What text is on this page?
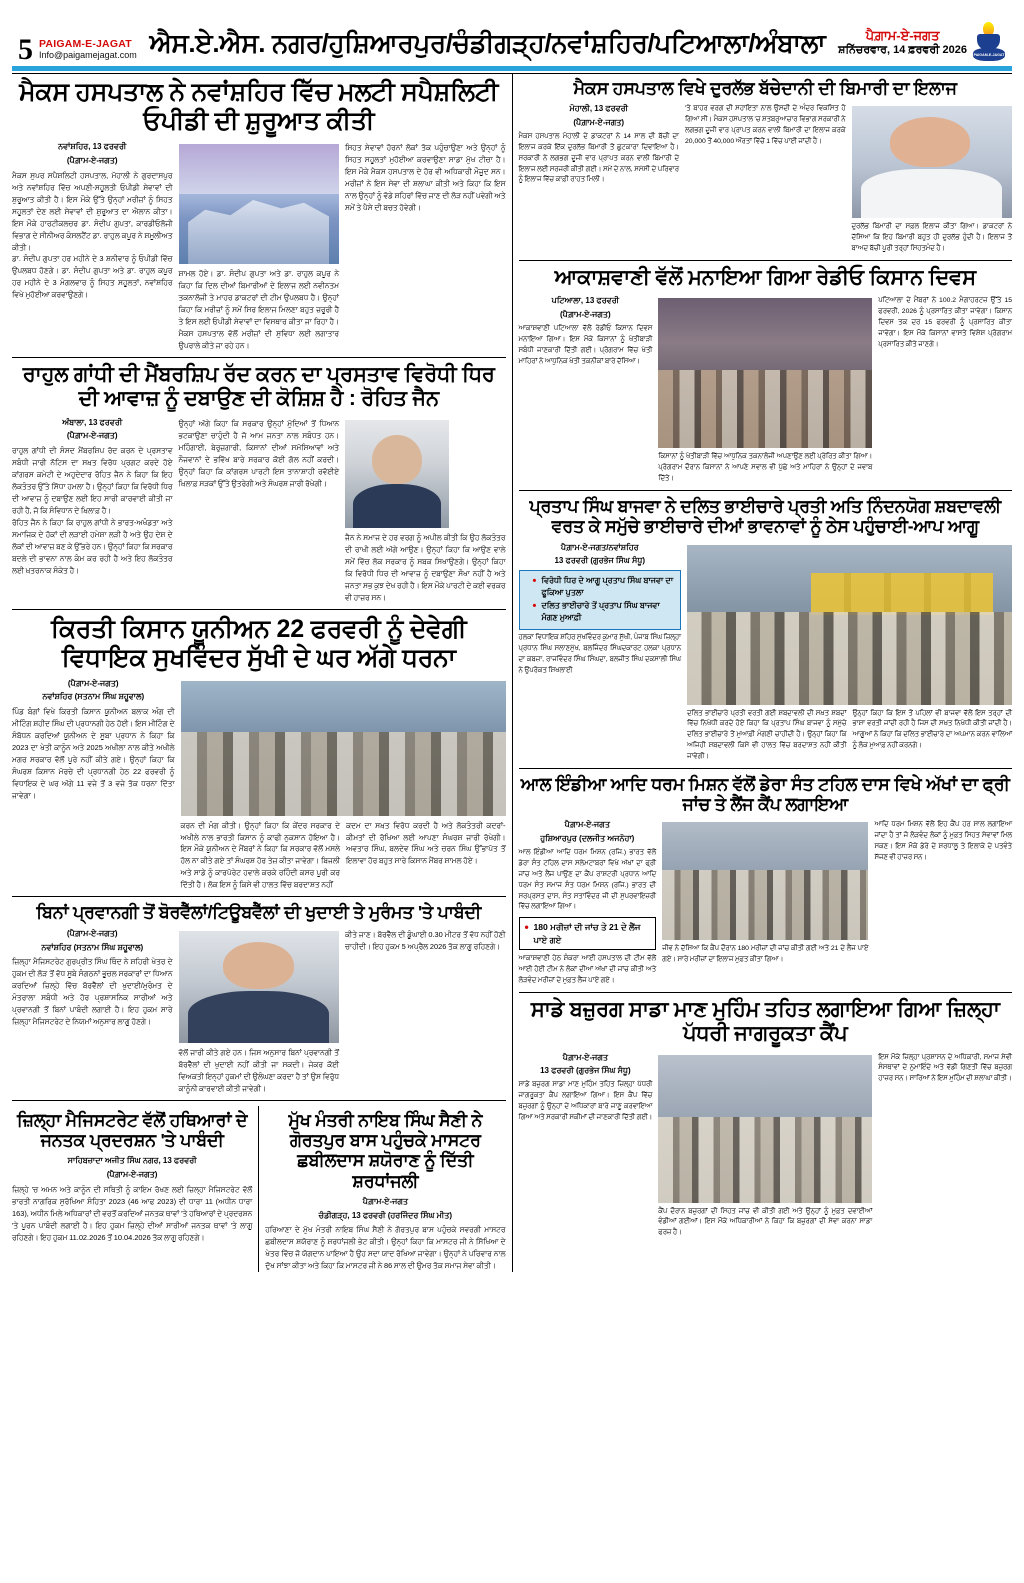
5 PAIGAM-E-JAGAT
Info@paigamejagat.com ਐਸ.ਏ.ਐਸ. ਨਗਰ/ਹੁਸ਼ਿਆਰਪੁਰ/ਚੰਡੀਗੜ੍ਹ/ਨਵਾਂਸ਼ਹਿਰ/ਪਟਿਆਲਾ/ਅੰਬਾਲਾ	ਪੈਗ਼ਾਮ-ਏ-ਜਗਤ
ਸ਼ਨਿੱਚਰਵਾਰ, 14 ਫ਼ਰਵਰੀ 2026 PAIGAM-E-JAGAT
ਮੈਕਸ ਹਸਪਤਾਲ ਨੇ ਨਵਾਂਸ਼ਹਿਰ ਵਿੱਚ ਮਲਟੀ ਸਪੈਸ਼ਲਿਟੀ ਓਪੀਡੀ ਦੀ ਸ਼ੁਰੂਆਤ ਕੀਤੀ
ਨਵਾਂਸ਼ਹਿਰ, 13 ਫਰਵਰੀ
(ਪੈਗ਼ਾਮ-ਏ-ਜਗਤ)
ਮੈਕਸ ਸੁਪਰ ਸਪੈਸ਼ਲਿਟੀ ਹਸਪਤਾਲ, ਮੋਹਾਲੀ ਨੇ ਗੁਰਦਾਸਪੁਰ ਅਤੇ ਨਵਾਂਸ਼ਹਿਰ ਵਿੱਚ ਅਪਣੀ-ਸਹੂਲਤੀ ਓਪੀਡੀ ਸੇਵਾਵਾਂ ਦੀ ਸ਼ੁਰੂਆਤ ਕੀਤੀ ਹੈ। ਇਸ ਮੌਕੇ ਉੱਤੇ ਉਨ੍ਹਾਂ ਮਰੀਜ਼ਾਂ ਨੂੰ ਸਿਹਤ ਸਹੂਲਤਾਂ ਦੇਣ ਲਈ ਸੇਵਾਵਾਂ ਦੀ ਸ਼ੁਰੂਆਤ ਦਾ ਐਲਾਨ ਕੀਤਾ। ਇਸ ਮੌਕੇ ਹਾਰਟੀਕਲਚਰ ਡਾ. ਸੰਦੀਪ ਗੁਪਤਾ, ਕਾਰਡੀਓਲੋਜੀ ਵਿਭਾਗ ਦੇ ਸੀਨੀਅਰ ਕੰਸਲਟੈਂਟ ਡਾ. ਰਾਹੁਲ ਕਪੂਰ ਨੇ ਸ਼ਮੂਲੀਅਤ ਕੀਤੀ।
ਡਾ. ਸੰਦੀਪ ਗੁਪਤਾ ਹਰ ਮਹੀਨੇ ਦੇ 3 ਸ਼ਨੀਵਾਰ ਨੂੰ ਓਪੀਡੀ ਵਿੱਚ ਉਪਲਬਧ ਹੋਣਗੇ। ਡਾ. ਸੰਦੀਪ ਗੁਪਤਾ ਅਤੇ ਡਾ. ਰਾਹੁਲ ਕਪੂਰ ਹਰ ਮਹੀਨੇ ਦੇ 3 ਮੰਗਲਵਾਰ ਨੂੰ ਸਿਹਤ ਸਹੂਲਤਾਂ, ਨਵਾਂਸ਼ਹਿਰ ਵਿਖੇ ਮੁਹੱਈਆ ਕਰਵਾਉਣਗੇ।
ਸ਼ਾਮਲ ਹੋਏ। ਡਾ. ਸੰਦੀਪ ਗੁਪਤਾ ਅਤੇ ਡਾ. ਰਾਹੁਲ ਕਪੂਰ ਨੇ ਕਿਹਾ ਕਿ ਦਿਲ ਦੀਆਂ ਬਿਮਾਰੀਆਂ ਦੇ ਇਲਾਜ ਲਈ ਨਵੀਨਤਮ ਤਕਨਾਲੋਜੀ ਤੇ ਮਾਹਰ ਡਾਕਟਰਾਂ ਦੀ ਟੀਮ ਉਪਲਬਧ ਹੈ। ਉਨ੍ਹਾਂ ਕਿਹਾ ਕਿ ਮਰੀਜ਼ਾਂ ਨੂੰ ਸਮੇਂ ਸਿਰ ਇਲਾਜ ਮਿਲਣਾ ਬਹੁਤ ਜ਼ਰੂਰੀ ਹੈ ਤੇ ਇਸ ਲਈ ਓਪੀਡੀ ਸੇਵਾਵਾਂ ਦਾ ਵਿਸਥਾਰ ਕੀਤਾ ਜਾ ਰਿਹਾ ਹੈ। ਮੈਕਸ ਹਸਪਤਾਲ ਵੱਲੋਂ ਮਰੀਜ਼ਾਂ ਦੀ ਸੁਵਿਧਾ ਲਈ ਲਗਾਤਾਰ ਉਪਰਾਲੇ ਕੀਤੇ ਜਾ ਰਹੇ ਹਨ।
ਸਿਹਤ ਸੇਵਾਵਾਂ ਹੋਰਨਾਂ ਲੋਕਾਂ ਤੱਕ ਪਹੁੰਚਾਉਣਾ ਅਤੇ ਉਨ੍ਹਾਂ ਨੂੰ ਸਿਹਤ ਸਹੂਲਤਾਂ ਮੁਹੱਈਆ ਕਰਵਾਉਣਾ ਸਾਡਾ ਮੁੱਖ ਟੀਚਾ ਹੈ। ਇਸ ਮੌਕੇ ਮੈਕਸ ਹਸਪਤਾਲ ਦੇ ਹੋਰ ਵੀ ਅਧਿਕਾਰੀ ਮੌਜੂਦ ਸਨ। ਮਰੀਜ਼ਾਂ ਨੇ ਇਸ ਸੇਵਾ ਦੀ ਸ਼ਲਾਘਾ ਕੀਤੀ ਅਤੇ ਕਿਹਾ ਕਿ ਇਸ ਨਾਲ ਉਨ੍ਹਾਂ ਨੂੰ ਵੱਡੇ ਸ਼ਹਿਰਾਂ ਵਿੱਚ ਜਾਣ ਦੀ ਲੋੜ ਨਹੀਂ ਪਵੇਗੀ ਅਤੇ ਸਮੇਂ ਤੇ ਪੈਸੇ ਦੀ ਬਚਤ ਹੋਵੇਗੀ।
ਰਾਹੁਲ ਗਾਂਧੀ ਦੀ ਮੈਂਬਰਸ਼ਿਪ ਰੱਦ ਕਰਨ ਦਾ ਪ੍ਰਸਤਾਵ ਵਿਰੋਧੀ ਧਿਰ ਦੀ ਆਵਾਜ਼ ਨੂੰ ਦਬਾਉਣ ਦੀ ਕੋਸ਼ਿਸ਼ ਹੈ : ਰੋਹਿਤ ਜੈਨ
ਅੰਬਾਲਾ, 13 ਫਰਵਰੀ
(ਪੈਗ਼ਾਮ-ਏ-ਜਗਤ)
ਰਾਹੁਲ ਗਾਂਧੀ ਦੀ ਸੰਸਦ ਮੈਂਬਰਸ਼ਿਪ ਰੱਦ ਕਰਨ ਦੇ ਪ੍ਰਸਤਾਵ ਸਬੰਧੀ ਜਾਰੀ ਨੋਟਿਸ ਦਾ ਸਖ਼ਤ ਵਿਰੋਧ ਪ੍ਰਗਟ ਕਰਦੇ ਹੋਏ ਕਾਂਗਰਸ ਕਮੇਟੀ ਦੇ ਅਹੁਦੇਦਾਰ ਰੋਹਿਤ ਜੈਨ ਨੇ ਕਿਹਾ ਕਿ ਇਹ ਲੋਕਤੰਤਰ ਉੱਤੇ ਸਿੱਧਾ ਹਮਲਾ ਹੈ। ਉਨ੍ਹਾਂ ਕਿਹਾ ਕਿ ਵਿਰੋਧੀ ਧਿਰ ਦੀ ਆਵਾਜ਼ ਨੂੰ ਦਬਾਉਣ ਲਈ ਇਹ ਸਾਰੀ ਕਾਰਵਾਈ ਕੀਤੀ ਜਾ ਰਹੀ ਹੈ, ਜੋ ਕਿ ਸੰਵਿਧਾਨ ਦੇ ਖ਼ਿਲਾਫ਼ ਹੈ।
ਰੋਹਿਤ ਜੈਨ ਨੇ ਕਿਹਾ ਕਿ ਰਾਹੁਲ ਗਾਂਧੀ ਨੇ ਭਾਰਤ-ਅਖੰਡਤਾ ਅਤੇ ਸਮਾਜਿਕ ਦੇ ਹੱਕਾਂ ਦੀ ਲੜਾਈ ਹਮੇਸ਼ਾ ਲੜੀ ਹੈ ਅਤੇ ਉਹ ਦੇਸ਼ ਦੇ ਲੋਕਾਂ ਦੀ ਆਵਾਜ਼ ਬਣ ਕੇ ਉੱਭਰੇ ਹਨ। ਉਨ੍ਹਾਂ ਕਿਹਾ ਕਿ ਸਰਕਾਰ ਬਦਲੇ ਦੀ ਭਾਵਨਾ ਨਾਲ ਕੰਮ ਕਰ ਰਹੀ ਹੈ ਅਤੇ ਇਹ ਲੋਕਤੰਤਰ ਲਈ ਖ਼ਤਰਨਾਕ ਸੰਕੇਤ ਹੈ।
ਉਨ੍ਹਾਂ ਅੱਗੇ ਕਿਹਾ ਕਿ ਸਰਕਾਰ ਉਨ੍ਹਾਂ ਮੁੱਦਿਆਂ ਤੋਂ ਧਿਆਨ ਭਟਕਾਉਣਾ ਚਾਹੁੰਦੀ ਹੈ ਜੋ ਆਮ ਜਨਤਾ ਨਾਲ ਸਬੰਧਤ ਹਨ। ਮਹਿੰਗਾਈ, ਬੇਰੁਜ਼ਗਾਰੀ, ਕਿਸਾਨਾਂ ਦੀਆਂ ਸਮੱਸਿਆਵਾਂ ਅਤੇ ਨੌਜਵਾਨਾਂ ਦੇ ਭਵਿੱਖ ਬਾਰੇ ਸਰਕਾਰ ਕੋਈ ਗੱਲ ਨਹੀਂ ਕਰਦੀ। ਉਨ੍ਹਾਂ ਕਿਹਾ ਕਿ ਕਾਂਗਰਸ ਪਾਰਟੀ ਇਸ ਤਾਨਾਸ਼ਾਹੀ ਰਵੱਈਏ ਖ਼ਿਲਾਫ਼ ਸੜਕਾਂ ਉੱਤੇ ਉਤਰੇਗੀ ਅਤੇ ਸੰਘਰਸ਼ ਜਾਰੀ ਰੱਖੇਗੀ।
ਜੈਨ ਨੇ ਸਮਾਜ ਦੇ ਹਰ ਵਰਗ ਨੂੰ ਅਪੀਲ ਕੀਤੀ ਕਿ ਉਹ ਲੋਕਤੰਤਰ ਦੀ ਰਾਖੀ ਲਈ ਅੱਗੇ ਆਉਣ। ਉਨ੍ਹਾਂ ਕਿਹਾ ਕਿ ਆਉਣ ਵਾਲੇ ਸਮੇਂ ਵਿੱਚ ਲੋਕ ਸਰਕਾਰ ਨੂੰ ਸਬਕ ਸਿਖਾਉਣਗੇ। ਉਨ੍ਹਾਂ ਕਿਹਾ ਕਿ ਵਿਰੋਧੀ ਧਿਰ ਦੀ ਆਵਾਜ਼ ਨੂੰ ਦਬਾਉਣਾ ਸੌਖਾ ਨਹੀਂ ਹੈ ਅਤੇ ਜਨਤਾ ਸਭ ਕੁਝ ਦੇਖ ਰਹੀ ਹੈ। ਇਸ ਮੌਕੇ ਪਾਰਟੀ ਦੇ ਕਈ ਵਰਕਰ ਵੀ ਹਾਜ਼ਰ ਸਨ।
ਕਿਰਤੀ ਕਿਸਾਨ ਯੂਨੀਅਨ 22 ਫਰਵਰੀ ਨੂੰ ਦੇਵੇਗੀ ਵਿਧਾਇਕ ਸੁਖਵਿੰਦਰ ਸੁੱਖੀ ਦੇ ਘਰ ਅੱਗੇ ਧਰਨਾ
(ਪੈਗ਼ਾਮ-ਏ-ਜਗਤ)
ਨਵਾਂਸ਼ਹਿਰ (ਸਤਨਾਮ ਸਿੰਘ ਸ਼ਹੂਵਾਲ)
ਪਿੰਡ ਬੰਗਾਂ ਵਿਖੇ ਕਿਰਤੀ ਕਿਸਾਨ ਯੂਨੀਅਨ ਬਲਾਕ ਅੰਗ ਦੀ ਮੀਟਿੰਗ ਸ਼ਹੀਦ ਸਿੰਘ ਦੀ ਪ੍ਰਧਾਨਗੀ ਹੇਠ ਹੋਈ। ਇਸ ਮੀਟਿੰਗ ਦੇ ਸੰਬੋਧਨ ਕਰਦਿਆਂ ਯੂਨੀਅਨ ਦੇ ਸੂਬਾ ਪ੍ਰਧਾਨ ਨੇ ਕਿਹਾ ਕਿ 2023 ਦਾ ਖੇਤੀ ਕਾਨੂੰਨ ਅਤੇ 2025 ਅਖੀਲਾ ਨਾਲ ਕੀਤੇ ਅਖੀਲੇ ਮਗਰ ਸਰਕਾਰ ਵੱਲੋਂ ਪੂਰੇ ਨਹੀਂ ਕੀਤੇ ਗਏ। ਉਨ੍ਹਾਂ ਕਿਹਾ ਕਿ ਸੰਘਰਸ਼ ਕਿਸਾਨ ਮੋਰਚੇ ਦੀ ਪ੍ਰਧਾਨਗੀ ਹੇਠ 22 ਫਰਵਰੀ ਨੂੰ ਵਿਧਾਇਕ ਦੇ ਘਰ ਅੱਗੇ 11 ਵਜੇ ਤੋਂ 3 ਵਜੇ ਤੱਕ ਧਰਨਾ ਦਿੱਤਾ ਜਾਵੇਗਾ।
ਕਰਨ ਦੀ ਮੰਗ ਕੀਤੀ। ਉਨ੍ਹਾਂ ਕਿਹਾ ਕਿ ਕੇਂਦਰ ਸਰਕਾਰ ਦੇ ਅਖੀਲੇ ਨਾਲ ਭਾਰਤੀ ਕਿਸਾਨ ਨੂੰ ਕਾਫੀ ਨੁਕਸਾਨ ਹੋਇਆ ਹੈ। ਇਸ ਮੌਕੇ ਯੂਨੀਅਨ ਦੇ ਮੈਂਬਰਾਂ ਨੇ ਕਿਹਾ ਕਿ ਸਰਕਾਰ ਵੱਲੋਂ ਮਸਲੇ ਹੱਲ ਨਾ ਕੀਤੇ ਗਏ ਤਾਂ ਸੰਘਰਸ਼ ਹੋਰ ਤੇਜ਼ ਕੀਤਾ ਜਾਵੇਗਾ। ਬਿਜਲੀ ਅਤੇ ਸਾਡੇ ਨੂੰ ਕਾਰਪੋਰੇਟ ਹਵਾਲੇ ਕਰਕੇ ਰਹਿੰਦੀ ਕਸਰ ਪੂਰੀ ਕਰ ਦਿੱਤੀ ਹੈ। ਲੋਕ ਇਸ ਨੂੰ ਕਿਸੇ ਵੀ ਹਾਲਤ ਵਿੱਚ ਬਰਦਾਸ਼ਤ ਨਹੀਂ
ਕਦਮ ਦਾ ਸਖ਼ਤ ਵਿਰੋਧ ਕਰਦੀ ਹੈ ਅਤੇ ਲੋਕਤੰਤਰੀ ਕਦਰਾਂ-ਕੀਮਤਾਂ ਦੀ ਰੱਖਿਆ ਲਈ ਆਪਣਾ ਸੰਘਰਸ਼ ਜਾਰੀ ਰੱਖੇਗੀ। ਅਵਤਾਰ ਸਿੰਘ, ਬਲਦੇਵ ਸਿੰਘ ਅਤੇ ਚਰਨ ਸਿੰਘ ਉੱਭਾਪੱਤ ਤੋਂ ਇਲਾਵਾ ਹੋਰ ਬਹੁਤ ਸਾਰੇ ਕਿਸਾਨ ਮੈਂਬਰ ਸ਼ਾਮਲ ਹੋਏ।
ਬਿਨਾਂ ਪ੍ਰਵਾਨਗੀ ਤੋਂ ਬੋਰਵੈੱਲਾਂ/ਟਿਊਬਵੈੱਲਾਂ ਦੀ ਖੁਦਾਈ ਤੇ ਮੁਰੰਮਤ 'ਤੇ ਪਾਬੰਦੀ
(ਪੈਗ਼ਾਮ-ਏ-ਜਗਤ)
ਨਵਾਂਸ਼ਹਿਰ (ਸਤਨਾਮ ਸਿੰਘ ਸ਼ਹੂਵਾਲ)
ਜ਼ਿਲ੍ਹਾ ਮੈਜਿਸਟਰੇਟ ਗੁਰਪ੍ਰੀਤ ਸਿੰਘ ਥਿੰਦ ਨੇ ਸ਼ਹਿਰੀ ਖੇਤਰ ਦੇ ਹੁਕਮ ਦੀ ਲੋੜ ਤੋਂ ਵੱਧ ਸੂਬੇ ਸੰਗਠਨਾਂ ਭੂਚਲ ਸਰਕਾਰਾਂ ਦਾ ਧਿਆਨ ਕਰਦਿਆਂ ਜ਼ਿਲ੍ਹੇ ਵਿੱਚ ਬੋਰਵੈੱਲਾਂ ਦੀ ਖੁਦਾਈ/ਮੁਰੰਮਤ ਦੇ ਮੰਤਰਾਲਾ ਸਬੰਧੀ ਅਤੇ ਹੋਰ ਪ੍ਰਸ਼ਾਸਨਿਕ ਸਾਰੀਆਂ ਅਤੇ ਪ੍ਰਵਾਨਗੀ ਤੋਂ ਬਿਨਾਂ ਪਾਬੰਦੀ ਲਗਾਈ ਹੈ। ਇਹ ਹੁਕਮ ਸਾਰੇ ਜ਼ਿਲ੍ਹਾ ਮੈਜਿਸਟਰੇਟ ਦੇ ਨਿਯਮਾਂ ਅਨੁਸਾਰ ਲਾਗੂ ਹੋਣਗੇ।
ਵੱਲੋਂ ਜਾਰੀ ਕੀਤੇ ਗਏ ਹਨ। ਜਿਸ ਅਨੁਸਾਰ ਬਿਨਾਂ ਪ੍ਰਵਾਨਗੀ ਤੋਂ ਬੋਰਵੈੱਲਾਂ ਦੀ ਖੁਦਾਈ ਨਹੀਂ ਕੀਤੀ ਜਾ ਸਕਦੀ। ਜੇਕਰ ਕੋਈ ਵਿਅਕਤੀ ਇਨ੍ਹਾਂ ਹੁਕਮਾਂ ਦੀ ਉਲੰਘਣਾ ਕਰਦਾ ਹੈ ਤਾਂ ਉਸ ਵਿਰੁੱਧ ਕਾਨੂੰਨੀ ਕਾਰਵਾਈ ਕੀਤੀ ਜਾਵੇਗੀ।
ਕੀਤੇ ਜਾਣ। ਬੋਰਵੈੱਲ ਦੀ ਡੂੰਘਾਈ 0.30 ਮੀਟਰ ਤੋਂ ਵੱਧ ਨਹੀਂ ਹੋਣੀ ਚਾਹੀਦੀ। ਇਹ ਹੁਕਮ 5 ਅਪ੍ਰੈਲ 2026 ਤੱਕ ਲਾਗੂ ਰਹਿਣਗੇ।
ਜ਼ਿਲ੍ਹਾ ਮੈਜਿਸਟਰੇਟ ਵੱਲੋਂ ਹਥਿਆਰਾਂ ਦੇ ਜਨਤਕ ਪ੍ਰਦਰਸ਼ਨ 'ਤੇ ਪਾਬੰਦੀ
ਸਾਹਿਬਜ਼ਾਦਾ ਅਜੀਤ ਸਿੰਘ ਨਗਰ, 13 ਫਰਵਰੀ
(ਪੈਗ਼ਾਮ-ਏ-ਜਗਤ)
ਜ਼ਿਲ੍ਹੇ 'ਚ ਅਮਨ ਅਤੇ ਕਾਨੂੰਨ ਦੀ ਸਥਿਤੀ ਨੂੰ ਕਾਇਮ ਰੱਖਣ ਲਈ ਜ਼ਿਲ੍ਹਾ ਮੈਜਿਸਟਰੇਟ ਵੱਲੋਂ ਭਾਰਤੀ ਨਾਗਰਿਕ ਸੁਰੱਖਿਆ ਸੰਹਿਤਾ 2023 (46 ਆਫ 2023) ਦੀ ਧਾਰਾ 11 (ਅਧੀਨ ਧਾਰਾ 163), ਅਧੀਨ ਮਿਲੇ ਅਧਿਕਾਰਾਂ ਦੀ ਵਰਤੋਂ ਕਰਦਿਆਂ ਜਨਤਕ ਥਾਵਾਂ 'ਤੇ ਹਥਿਆਰਾਂ ਦੇ ਪ੍ਰਦਰਸ਼ਨ 'ਤੇ ਪੂਰਨ ਪਾਬੰਦੀ ਲਗਾਈ ਹੈ। ਇਹ ਹੁਕਮ ਜ਼ਿਲ੍ਹੇ ਦੀਆਂ ਸਾਰੀਆਂ ਜਨਤਕ ਥਾਵਾਂ 'ਤੇ ਲਾਗੂ ਰਹਿਣਗੇ। ਇਹ ਹੁਕਮ 11.02.2026 ਤੋਂ 10.04.2026 ਤੱਕ ਲਾਗੂ ਰਹਿਣਗੇ।
ਮੁੱਖ ਮੰਤਰੀ ਨਾਇਬ ਸਿੰਘ ਸੈਣੀ ਨੇ ਗੋਰਤਪੁਰ ਬਾਸ ਪਹੁੰਚਕੇ ਮਾਸਟਰ ਛਬੀਲਦਾਸ ਸ਼ਯੋਰਾਣ ਨੂੰ ਦਿੱਤੀ ਸ਼ਰਧਾਂਜਲੀ
ਪੈਗ਼ਾਮ-ਏ-ਜਗਤ
ਚੰਡੀਗੜ੍ਹ, 13 ਫਰਵਰੀ (ਹਰਜਿੰਦਰ ਸਿੰਘ ਮੀਤ)
ਹਰਿਆਣਾ ਦੇ ਮੁੱਖ ਮੰਤਰੀ ਨਾਇਬ ਸਿੰਘ ਸੈਣੀ ਨੇ ਗੋਰਤਪੁਰ ਬਾਸ ਪਹੁੰਚਕੇ ਸਵਰਗੀ ਮਾਸਟਰ ਛਬੀਲਦਾਸ ਸ਼ਯੋਰਾਣ ਨੂੰ ਸ਼ਰਧਾਂਜਲੀ ਭੇਟ ਕੀਤੀ। ਉਨ੍ਹਾਂ ਕਿਹਾ ਕਿ ਮਾਸਟਰ ਜੀ ਨੇ ਸਿੱਖਿਆ ਦੇ ਖੇਤਰ ਵਿੱਚ ਜੋ ਯੋਗਦਾਨ ਪਾਇਆ ਹੈ ਉਹ ਸਦਾ ਯਾਦ ਰੱਖਿਆ ਜਾਵੇਗਾ। ਉਨ੍ਹਾਂ ਨੇ ਪਰਿਵਾਰ ਨਾਲ ਦੁੱਖ ਸਾਂਝਾ ਕੀਤਾ ਅਤੇ ਕਿਹਾ ਕਿ ਮਾਸਟਰ ਜੀ ਨੇ 86 ਸਾਲ ਦੀ ਉਮਰ ਤੱਕ ਸਮਾਜ ਸੇਵਾ ਕੀਤੀ।
ਮੈਕਸ ਹਸਪਤਾਲ ਵਿਖੇ ਦੁਰਲੱਭ ਬੱਚੇਦਾਨੀ ਦੀ ਬਿਮਾਰੀ ਦਾ ਇਲਾਜ
ਮੋਹਾਲੀ, 13 ਫਰਵਰੀ
(ਪੈਗ਼ਾਮ-ਏ-ਜਗਤ)
ਮੈਕਸ ਹਸਪਤਾਲ ਮੋਹਾਲੀ ਦੇ ਡਾਕਟਰਾਂ ਨੇ 14 ਸਾਲ ਦੀ ਬੱਚੀ ਦਾ ਇਲਾਜ ਕਰਕੇ ਇੱਕ ਦੁਰਲੱਭ ਬਿਮਾਰੀ ਤੋਂ ਛੁਟਕਾਰਾ ਦਿਵਾਇਆ ਹੈ। ਸਰਕਾਰੀ ਨੇ ਲਗਭਗ ਦੂਜੀ ਵਾਰ ਪ੍ਰਾਪਤ ਕਰਨ ਵਾਲੀ ਬਿਮਾਰੀ ਦੇ ਇਲਾਜ ਲਈ ਸਰਜਰੀ ਕੀਤੀ ਗਈ। ਸਮੇਂ ਦੇ ਨਾਲ, ਸਮੱਸੀ ਦੇ ਪਰਿਵਾਰ ਨੂੰ ਇਲਾਜ ਵਿੱਚ ਕਾਫ਼ੀ ਰਾਹਤ ਮਿਲੀ।
'ਤੇ ਬਾਹਰ ਵਰਗ ਦੀ ਸਹਾਇਤਾ ਨਾਲ ਉਸਦੀ ਦੇ ਅੰਦਰ ਵਿਕਸਿਤ ਹੋ ਗਿਆ ਸੀ। ਮੈਕਸ ਹਸਪਤਾਲ 'ਚ ਸ਼ਤਬਰੁਆਚਾਰ ਵਿਭਾਗ ਸਰਕਾਰੀ ਨੇ ਲਗਭਗ ਦੂਜੀ ਵਾਰ ਪ੍ਰਾਪਤ ਕਰਨ ਵਾਲੀ ਬਿਮਾਰੀ ਦਾ ਇਲਾਜ ਕਰਕੇ 20,000 ਤੋਂ 40,000 ਔਰਤਾਂ ਵਿੱਚੋਂ 1 ਵਿੱਚ ਪਾਈ ਜਾਂਦੀ ਹੈ।
ਦੁਰਲੱਭ ਬਿਮਾਰੀ ਦਾ ਸਫ਼ਲ ਇਲਾਜ ਕੀਤਾ ਗਿਆ। ਡਾਕਟਰਾਂ ਨੇ ਦੱਸਿਆ ਕਿ ਇਹ ਬਿਮਾਰੀ ਬਹੁਤ ਹੀ ਦੁਰਲੱਭ ਹੁੰਦੀ ਹੈ। ਇਲਾਜ ਤੋਂ ਬਾਅਦ ਬੱਚੀ ਪੂਰੀ ਤਰ੍ਹਾਂ ਸਿਹਤਮੰਦ ਹੈ।
ਆਕਾਸ਼ਵਾਣੀ ਵੱਲੋਂ ਮਨਾਇਆ ਗਿਆ ਰੇਡੀਓ ਕਿਸਾਨ ਦਿਵਸ
ਪਟਿਆਲਾ, 13 ਫਰਵਰੀ
(ਪੈਗ਼ਾਮ-ਏ-ਜਗਤ)
ਆਕਾਸ਼ਵਾਣੀ ਪਟਿਆਲਾ ਵੱਲੋਂ ਰੇਡੀਓ ਕਿਸਾਨ ਦਿਵਸ ਮਨਾਇਆ ਗਿਆ। ਇਸ ਮੌਕੇ ਕਿਸਾਨਾਂ ਨੂੰ ਖੇਤੀਬਾੜੀ ਸਬੰਧੀ ਜਾਣਕਾਰੀ ਦਿੱਤੀ ਗਈ। ਪ੍ਰੋਗਰਾਮ ਵਿੱਚ ਖੇਤੀ ਮਾਹਿਰਾਂ ਨੇ ਆਧੁਨਿਕ ਖੇਤੀ ਤਕਨੀਕਾਂ ਬਾਰੇ ਦੱਸਿਆ।
ਕਿਸਾਨਾਂ ਨੂੰ ਖੇਤੀਬਾੜੀ ਵਿੱਚ ਆਧੁਨਿਕ ਤਕਨਾਲੋਜੀ ਅਪਣਾਉਣ ਲਈ ਪ੍ਰੇਰਿਤ ਕੀਤਾ ਗਿਆ। ਪ੍ਰੋਗਰਾਮ ਦੌਰਾਨ ਕਿਸਾਨਾਂ ਨੇ ਆਪਣੇ ਸਵਾਲ ਵੀ ਪੁੱਛੇ ਅਤੇ ਮਾਹਿਰਾਂ ਨੇ ਉਨ੍ਹਾਂ ਦੇ ਜਵਾਬ ਦਿੱਤੇ।
ਪਟਿਆਲਾ ਦੇ ਮੈਂਬਰਾਂ ਨੇ 100.2 ਮੈਗਾਹਰਟਜ਼ ਉੱਤੇ 15 ਫਰਵਰੀ, 2026 ਨੂੰ ਪ੍ਰਸਾਰਿਤ ਕੀਤਾ ਜਾਵੇਗਾ। ਕਿਸਾਨ ਦਿਵਸ ਤਕ ਦਰ 15 ਫਰਵਰੀ ਨੂੰ ਪ੍ਰਸਾਰਿਤ ਕੀਤਾ ਜਾਵੇਗਾ। ਇਸ ਮੌਕੇ ਕਿਸਾਨਾਂ ਵਾਸਤੇ ਵਿਸ਼ੇਸ਼ ਪ੍ਰੋਗਰਾਮ ਪ੍ਰਸਾਰਿਤ ਕੀਤੇ ਜਾਣਗੇ।
ਪ੍ਰਤਾਪ ਸਿੰਘ ਬਾਜਵਾ ਨੇ ਦਲਿਤ ਭਾਈਚਾਰੇ ਪ੍ਰਤੀ ਅਤਿ ਨਿੰਦਨਯੋਗ ਸ਼ਬਦਾਵਲੀ ਵਰਤ ਕੇ ਸਮੁੱਚੇ ਭਾਈਚਾਰੇ ਦੀਆਂ ਭਾਵਨਾਵਾਂ ਨੂੰ ਠੇਸ ਪਹੁੰਚਾਈ-ਆਪ ਆਗੂ
ਪੈਗ਼ਾਮ-ਏ-ਜਗਤ/ਨਵਾਂਸ਼ਹਿਰ
13 ਫਰਵਰੀ (ਗੁਰਭੇਜ ਸਿੰਘ ਸੰਧੂ)
• ਵਿਰੋਧੀ ਧਿਰ ਦੇ ਆਗੂ ਪ੍ਰਤਾਪ ਸਿੰਘ ਬਾਜਵਾ ਦਾ ਫੂਕਿਆ ਪੁਤਲਾ
• ਦਲਿਤ ਭਾਈਚਾਰੇ ਤੋਂ ਪ੍ਰਤਾਪ ਸਿੰਘ ਬਾਜਵਾ ਮੰਗਣ ਮੁਆਫ਼ੀ
ਹਲਕਾ ਵਿਧਾਇਕ ਸ਼ਹਿਰ ਸੁਖਵਿੰਦਰ ਕੁਮਾਰ ਸੁੱਖੀ, ਪੰਜਾਬ ਸਿੰਘ ਜ਼ਿਲ੍ਹਾ ਪ੍ਰਧਾਨ ਸਿੰਘ ਸਲਾਣਮੁੱਖ, ਬਲਜਿੰਦਰ ਸਿੰਘਦਕਾਰਟ ਹਲਕਾ ਪ੍ਰਧਾਨ ਦਾ ਕਬਜ਼ਾ, ਰਾਜਵਿੰਦਰ ਸਿੰਘ ਸਿੰਘਦਾ, ਬਲਜੀਤ ਸਿੰਘ ਦਕਸਾਲੀ ਸਿੰਘ ਨੇ ਉਪਰੋਕਤ ਸ਼ਿਖਲਾਈ
ਦਲਿਤ ਭਾਈਚਾਰੇ ਪ੍ਰਤੀ ਵਰਤੀ ਗਈ ਸ਼ਬਦਾਵਲੀ ਦੀ ਸਖ਼ਤ ਸ਼ਬਦਾਂ ਵਿੱਚ ਨਿਖੇਧੀ ਕਰਦੇ ਹੋਏ ਕਿਹਾ ਕਿ ਪ੍ਰਤਾਪ ਸਿੰਘ ਬਾਜਵਾ ਨੂੰ ਸਮੁੱਚੇ ਦਲਿਤ ਭਾਈਚਾਰੇ ਤੋਂ ਮੁਆਫ਼ੀ ਮੰਗਣੀ ਚਾਹੀਦੀ ਹੈ। ਉਨ੍ਹਾਂ ਕਿਹਾ ਕਿ ਅਜਿਹੀ ਸ਼ਬਦਾਵਲੀ ਕਿਸੇ ਵੀ ਹਾਲਤ ਵਿੱਚ ਬਰਦਾਸ਼ਤ ਨਹੀਂ ਕੀਤੀ ਜਾਵੇਗੀ।
ਉਨ੍ਹਾਂ ਕਿਹਾ ਕਿ ਇਸ ਤੋਂ ਪਹਿਲਾਂ ਵੀ ਬਾਜਵਾ ਵੱਲੋਂ ਇਸ ਤਰ੍ਹਾਂ ਦੀ ਭਾਸ਼ਾ ਵਰਤੀ ਜਾਂਦੀ ਰਹੀ ਹੈ ਜਿਸ ਦੀ ਸਖ਼ਤ ਨਿਖੇਧੀ ਕੀਤੀ ਜਾਂਦੀ ਹੈ। ਆਗੂਆਂ ਨੇ ਕਿਹਾ ਕਿ ਦਲਿਤ ਭਾਈਚਾਰੇ ਦਾ ਅਪਮਾਨ ਕਰਨ ਵਾਲਿਆਂ ਨੂੰ ਲੋਕ ਮੁਆਫ਼ ਨਹੀਂ ਕਰਨਗੇ।
ਆਲ ਇੰਡੀਆ ਆਦਿ ਧਰਮ ਮਿਸ਼ਨ ਵੱਲੋਂ ਡੇਰਾ ਸੰਤ ਟਹਿਲ ਦਾਸ ਵਿਖੇ ਅੱਖਾਂ ਦਾ ਫ੍ਰੀ ਜਾਂਚ ਤੇ ਲੈਂਜ ਕੈਂਪ ਲਗਾਇਆ
ਪੈਗ਼ਾਮ-ਏ-ਜਗਤ
ਹੁਸ਼ਿਆਰਪੁਰ (ਦਲਜੀਤ ਅਜਨੋਹਾ)
ਆਲ ਇੰਡੀਆ ਆਦਿ ਧਰਮ ਮਿਸ਼ਨ (ਰਜਿ.) ਭਾਰਤ ਵੱਲੋਂ ਡੇਰਾ ਸੰਤ ਟਹਿਲ ਦਾਸ ਸਲੇਮਟਾਬਰਾਂ ਵਿਖੇ ਅੱਖਾਂ ਦਾ ਫ੍ਰੀ ਜਾਂਚ ਅਤੇ ਲੈਂਜ ਪਾਉਣ ਦਾ ਕੈਂਪ ਰਾਸ਼ਟਰੀ ਪ੍ਰਧਾਨ ਆਦਿ ਧਰਮ ਸੰਤ ਸਮਾਜ ਸੰਤ ਧਰਮ ਮਿਸ਼ਨ (ਰਜਿ.) ਭਾਰਤ ਦੀ ਸਰਪ੍ਰਸਤ ਦਾਸ, ਸੰਤ ਸਤਾਵਿੰਦਰ ਜੀ ਦੀ ਸੁਪਰਵਾਇਜ਼ਰੀ ਵਿੱਚ ਲਗਾਇਆ ਗਿਆ।
• 180 ਮਰੀਜ਼ਾਂ ਦੀ ਜਾਂਚ ਤੇ 21 ਦੇ ਲੈਂਜ ਪਾਏ ਗਏ
ਆਕਾਸ਼ਵਾਣੀ ਹੇਠ ਸ਼ੰਕਰਾ ਆਈ ਹਸਪਤਾਲ ਦੀ ਟੀਮ ਵੱਲੋਂ ਆਈ ਹੋਈ ਟੀਮ ਨੇ ਲੋਕਾਂ ਦੀਆਂ ਅੱਖਾਂ ਦੀ ਜਾਂਚ ਕੀਤੀ ਅਤੇ ਲੋੜਵੰਦ ਮਰੀਜ਼ਾਂ ਦੇ ਮੁਫ਼ਤ ਲੈਂਜ ਪਾਏ ਗਏ।
ਜੀਵ ਨੇ ਦੱਸਿਆ ਕਿ ਕੈਂਪ ਦੌਰਾਨ 180 ਮਰੀਜ਼ਾਂ ਦੀ ਜਾਂਚ ਕੀਤੀ ਗਈ ਅਤੇ 21 ਦੇ ਲੈਂਜ ਪਾਏ ਗਏ। ਸਾਰੇ ਮਰੀਜ਼ਾਂ ਦਾ ਇਲਾਜ ਮੁਫ਼ਤ ਕੀਤਾ ਗਿਆ।
ਆਦਿ ਧਰਮ ਮਿਸ਼ਨ ਵੱਲੋਂ ਇਹ ਕੈਂਪ ਹਰ ਸਾਲ ਲਗਾਇਆ ਜਾਂਦਾ ਹੈ ਤਾਂ ਜੋ ਲੋੜਵੰਦ ਲੋਕਾਂ ਨੂੰ ਮੁਫ਼ਤ ਸਿਹਤ ਸੇਵਾਵਾਂ ਮਿਲ ਸਕਣ। ਇਸ ਮੌਕੇ ਡੇਰੇ ਦੇ ਸ਼ਰਧਾਲੂ ਤੇ ਇਲਾਕੇ ਦੇ ਪਤਵੰਤੇ ਸੱਜਣ ਵੀ ਹਾਜ਼ਰ ਸਨ।
ਸਾਡੇ ਬਜ਼ੁਰਗ ਸਾਡਾ ਮਾਣ ਮੁਹਿੰਮ ਤਹਿਤ ਲਗਾਇਆ ਗਿਆ ਜ਼ਿਲ੍ਹਾ ਪੱਧਰੀ ਜਾਗਰੂਕਤਾ ਕੈਂਪ
ਪੈਗ਼ਾਮ-ਏ-ਜਗਤ
13 ਫਰਵਰੀ (ਗੁਰਭੇਜ ਸਿੰਘ ਸੰਧੂ)
ਸਾਡੇ ਬਜ਼ੁਰਗ ਸਾਡਾ ਮਾਣ ਮੁਹਿੰਮ ਤਹਿਤ ਜ਼ਿਲ੍ਹਾ ਪੱਧਰੀ ਜਾਗਰੂਕਤਾ ਕੈਂਪ ਲਗਾਇਆ ਗਿਆ। ਇਸ ਕੈਂਪ ਵਿੱਚ ਬਜ਼ੁਰਗਾਂ ਨੂੰ ਉਨ੍ਹਾਂ ਦੇ ਅਧਿਕਾਰਾਂ ਬਾਰੇ ਜਾਣੂ ਕਰਵਾਇਆ ਗਿਆ ਅਤੇ ਸਰਕਾਰੀ ਸਕੀਮਾਂ ਦੀ ਜਾਣਕਾਰੀ ਦਿੱਤੀ ਗਈ।
ਕੈਂਪ ਦੌਰਾਨ ਬਜ਼ੁਰਗਾਂ ਦੀ ਸਿਹਤ ਜਾਂਚ ਵੀ ਕੀਤੀ ਗਈ ਅਤੇ ਉਨ੍ਹਾਂ ਨੂੰ ਮੁਫ਼ਤ ਦਵਾਈਆਂ ਵੰਡੀਆਂ ਗਈਆਂ। ਇਸ ਮੌਕੇ ਅਧਿਕਾਰੀਆਂ ਨੇ ਕਿਹਾ ਕਿ ਬਜ਼ੁਰਗਾਂ ਦੀ ਸੇਵਾ ਕਰਨਾ ਸਾਡਾ ਫਰਜ਼ ਹੈ।
ਇਸ ਮੌਕੇ ਜ਼ਿਲ੍ਹਾ ਪ੍ਰਸ਼ਾਸਨ ਦੇ ਅਧਿਕਾਰੀ, ਸਮਾਜ ਸੇਵੀ ਸੰਸਥਾਵਾਂ ਦੇ ਨੁਮਾਇੰਦੇ ਅਤੇ ਵੱਡੀ ਗਿਣਤੀ ਵਿੱਚ ਬਜ਼ੁਰਗ ਹਾਜ਼ਰ ਸਨ। ਸਾਰਿਆਂ ਨੇ ਇਸ ਮੁਹਿੰਮ ਦੀ ਸ਼ਲਾਘਾ ਕੀਤੀ।
